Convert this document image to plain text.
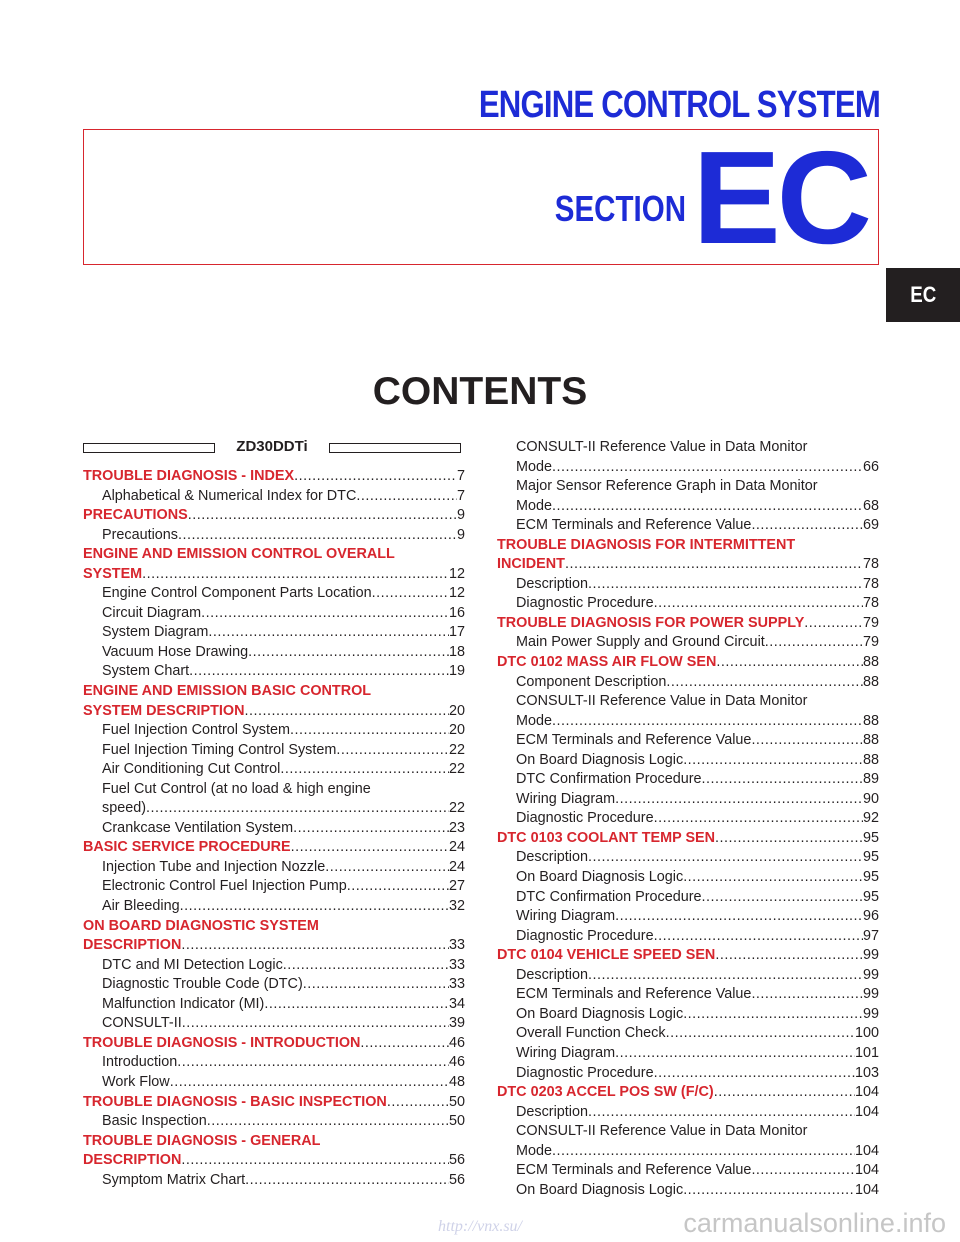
ENGINE CONTROL SYSTEM
SECTION EC
EC
CONTENTS
ZD30DDTi
TROUBLE DIAGNOSIS - INDEX .....	7
Alphabetical & Numerical Index for DTC .....	7
PRECAUTIONS .....	9
Precautions .....	9
ENGINE AND EMISSION CONTROL OVERALL
SYSTEM .....	12
Engine Control Component Parts Location .....	12
Circuit Diagram .....	16
System Diagram .....	17
Vacuum Hose Drawing .....	18
System Chart .....	19
ENGINE AND EMISSION BASIC CONTROL
SYSTEM DESCRIPTION .....	20
Fuel Injection Control System .....	20
Fuel Injection Timing Control System .....	22
Air Conditioning Cut Control .....	22
Fuel Cut Control (at no load & high engine
speed) .....	22
Crankcase Ventilation System .....	23
BASIC SERVICE PROCEDURE .....	24
Injection Tube and Injection Nozzle .....	24
Electronic Control Fuel Injection Pump .....	27
Air Bleeding .....	32
ON BOARD DIAGNOSTIC SYSTEM
DESCRIPTION .....	33
DTC and MI Detection Logic .....	33
Diagnostic Trouble Code (DTC) .....	33
Malfunction Indicator (MI) .....	34
CONSULT-II .....	39
TROUBLE DIAGNOSIS - INTRODUCTION .....	46
Introduction .....	46
Work Flow .....	48
TROUBLE DIAGNOSIS - BASIC INSPECTION .....	50
Basic Inspection .....	50
TROUBLE DIAGNOSIS - GENERAL
DESCRIPTION .....	56
Symptom Matrix Chart .....	56
CONSULT-II Reference Value in Data Monitor
Mode .....	66
Major Sensor Reference Graph in Data Monitor
Mode .....	68
ECM Terminals and Reference Value .....	69
TROUBLE DIAGNOSIS FOR INTERMITTENT
INCIDENT .....	78
Description .....	78
Diagnostic Procedure .....	78
TROUBLE DIAGNOSIS FOR POWER SUPPLY .....	79
Main Power Supply and Ground Circuit .....	79
DTC 0102 MASS AIR FLOW SEN .....	88
Component Description .....	88
CONSULT-II Reference Value in Data Monitor
Mode .....	88
ECM Terminals and Reference Value .....	88
On Board Diagnosis Logic .....	88
DTC Confirmation Procedure .....	89
Wiring Diagram .....	90
Diagnostic Procedure .....	92
DTC 0103 COOLANT TEMP SEN .....	95
Description .....	95
On Board Diagnosis Logic .....	95
DTC Confirmation Procedure .....	95
Wiring Diagram .....	96
Diagnostic Procedure .....	97
DTC 0104 VEHICLE SPEED SEN .....	99
Description .....	99
ECM Terminals and Reference Value .....	99
On Board Diagnosis Logic .....	99
Overall Function Check .....	100
Wiring Diagram .....	101
Diagnostic Procedure .....	103
DTC 0203 ACCEL POS SW (F/C) .....	104
Description .....	104
CONSULT-II Reference Value in Data Monitor
Mode .....	104
ECM Terminals and Reference Value .....	104
On Board Diagnosis Logic .....	104
http://vnx.su/	carmanualsonline.info
